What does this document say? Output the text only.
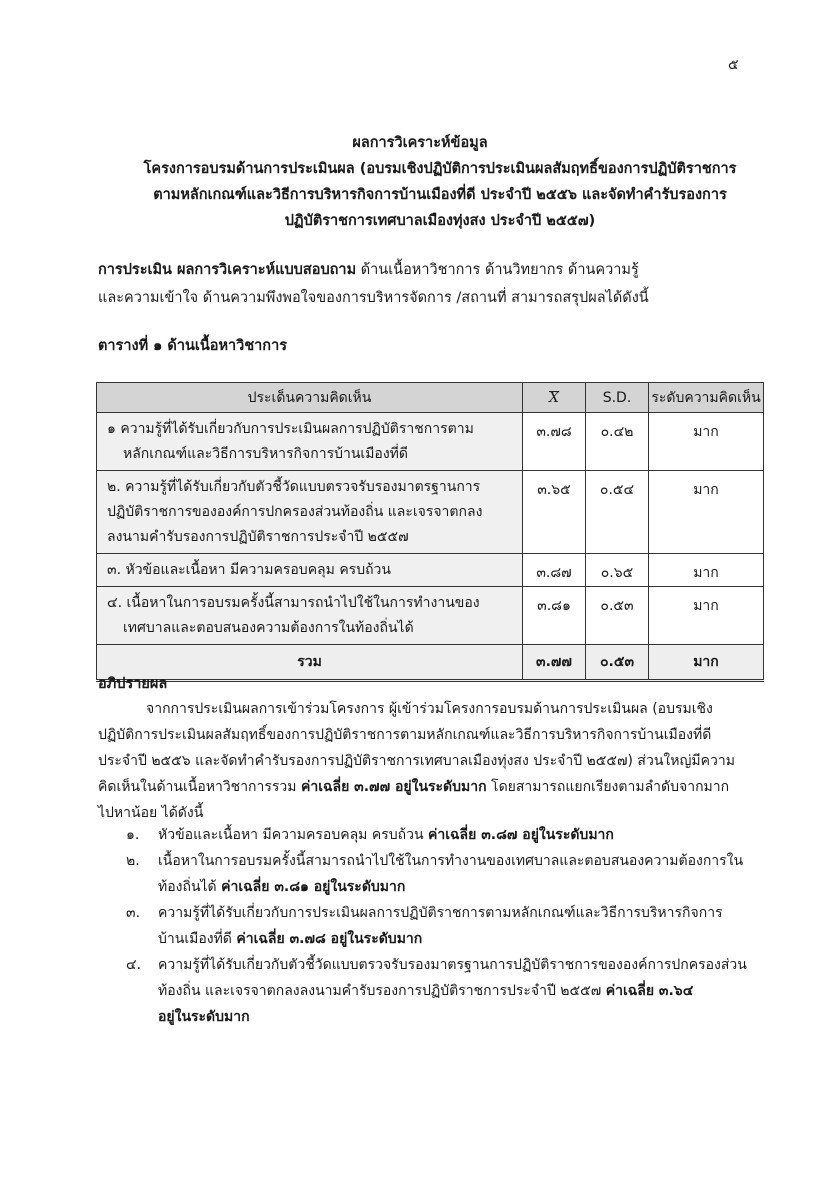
๕
ผลการวิเคราะห์ข้อมูล
โครงการอบรมด้านการประเมินผล (อบรมเชิงปฏิบัติการประเมินผลสัมฤทธิ์ของการปฏิบัติราชการ
ตามหลักเกณฑ์และวิธีการบริหารกิจการบ้านเมืองที่ดี ประจำปี ๒๕๕๖ และจัดทำคำรับรองการ
ปฏิบัติราชการเทศบาลเมืองทุ่งสง ประจำปี ๒๕๕๗)
การประเมิน ผลการวิเคราะห์แบบสอบถาม ด้านเนื้อหาวิชาการ ด้านวิทยากร ด้านความรู้
และความเข้าใจ ด้านความพึงพอใจของการบริหารจัดการ /สถานที่ สามารถสรุปผลได้ดังนี้
ตารางที่ ๑ ด้านเนื้อหาวิชาการ
ประเด็นความคิดเห็น	X	S.D.	ระดับความคิดเห็น
๑ ความรู้ที่ได้รับเกี่ยวกับการประเมินผลการปฏิบัติราชการตาม
หลักเกณฑ์และวิธีการบริหารกิจการบ้านเมืองที่ดี	๓.๗๘	๐.๔๒	มาก
๒. ความรู้ที่ได้รับเกี่ยวกับตัวชี้วัดแบบตรวจรับรองมาตรฐานการ
ปฏิบัติราชการขององค์การปกครองส่วนท้องถิ่น และเจรจาตกลง
ลงนามคำรับรองการปฏิบัติราชการประจำปี ๒๕๕๗	๓.๖๕	๐.๕๔	มาก
๓. หัวข้อและเนื้อหา มีความครอบคลุม ครบถ้วน	๓.๘๗	๐.๖๕	มาก
๔. เนื้อหาในการอบรมครั้งนี้สามารถนำไปใช้ในการทำงานของ
เทศบาลและตอบสนองความต้องการในท้องถิ่นได้	๓.๘๑	๐.๕๓	มาก
รวม	๓.๗๗	๐.๕๓	มาก
อภิปรายผล
จากการประเมินผลการเข้าร่วมโครงการ ผู้เข้าร่วมโครงการอบรมด้านการประเมินผล (อบรมเชิง
ปฏิบัติการประเมินผลสัมฤทธิ์ของการปฏิบัติราชการตามหลักเกณฑ์และวิธีการบริหารกิจการบ้านเมืองที่ดี
ประจำปี ๒๕๕๖ และจัดทำคำรับรองการปฏิบัติราชการเทศบาลเมืองทุ่งสง ประจำปี ๒๕๕๗) ส่วนใหญ่มีความ
คิดเห็นในด้านเนื้อหาวิชาการรวม ค่าเฉลี่ย ๓.๗๗ อยู่ในระดับมาก โดยสามารถแยกเรียงตามลำดับจากมาก
ไปหาน้อย ได้ดังนี้
๑. หัวข้อและเนื้อหา มีความครอบคลุม ครบถ้วน ค่าเฉลี่ย ๓.๘๗ อยู่ในระดับมาก
๒. เนื้อหาในการอบรมครั้งนี้สามารถนำไปใช้ในการทำงานของเทศบาลและตอบสนองความต้องการใน
ท้องถิ่นได้ ค่าเฉลี่ย ๓.๘๑ อยู่ในระดับมาก
๓. ความรู้ที่ได้รับเกี่ยวกับการประเมินผลการปฏิบัติราชการตามหลักเกณฑ์และวิธีการบริหารกิจการ
บ้านเมืองที่ดี ค่าเฉลี่ย ๓.๗๘ อยู่ในระดับมาก
๔. ความรู้ที่ได้รับเกี่ยวกับตัวชี้วัดแบบตรวจรับรองมาตรฐานการปฏิบัติราชการขององค์การปกครองส่วน
ท้องถิ่น และเจรจาตกลงลงนามคำรับรองการปฏิบัติราชการประจำปี ๒๕๕๗ ค่าเฉลี่ย ๓.๖๔
อยู่ในระดับมาก
